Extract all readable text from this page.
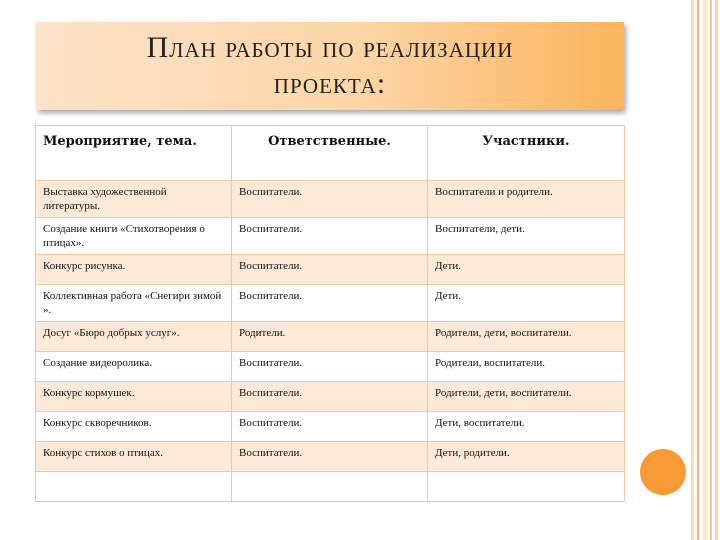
План работы по реализации проекта:
Мероприятие, тема.	Ответственные.	Участники.
Выставка художественной литературы.	Воспитатели.	Воспитатели и родители.
Создание книги «Стихотворения о птицах».	Воспитатели.	Воспитатели, дети.
Конкурс рисунка.	Воспитатели.	Дети.
Коллективная работа «Снегири зимой ».	Воспитатели.	Дети.
Досуг «Бюро добрых услуг».	Родители.	Родители, дети, воспитатели.
Создание видеоролика.	Воспитатели.	Родители, воспитатели.
Конкурс кормушек.	Воспитатели.	Родители, дети, воспитатели.
Конкурс скворечников.	Воспитатели.	Дети, воспитатели.
Конкурс стихов о птицах.	Воспитатели.	Дети, родители.
